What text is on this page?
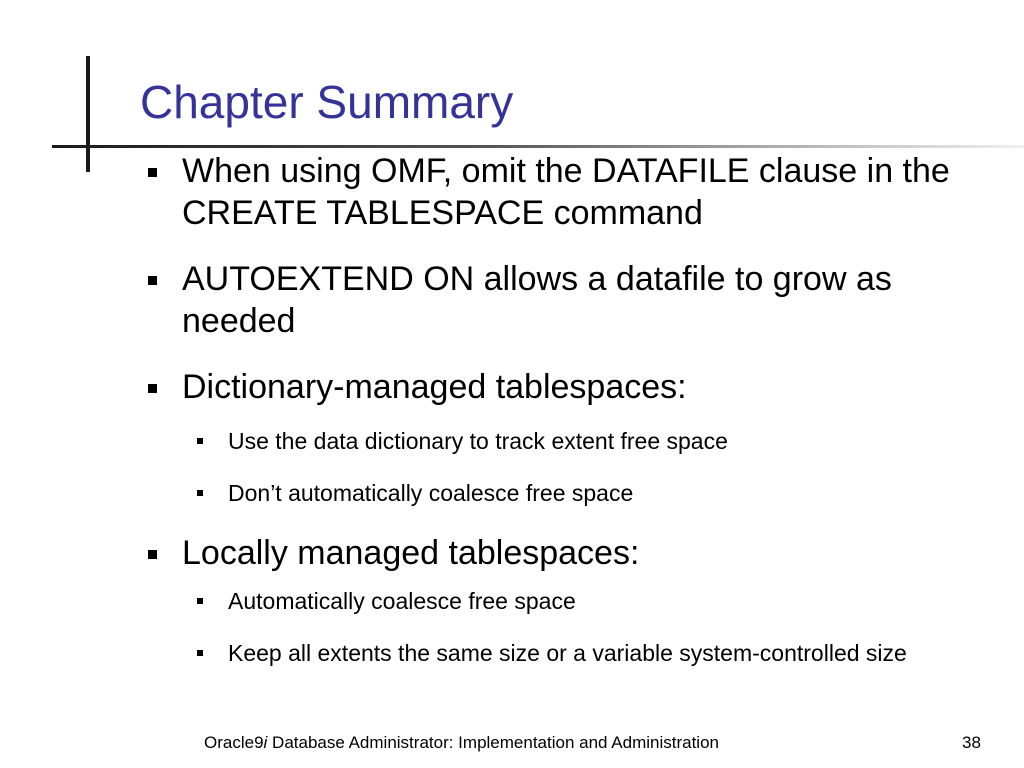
Chapter Summary
When using OMF, omit the DATAFILE clause in the CREATE TABLESPACE command
AUTOEXTEND ON allows a datafile to grow as needed
Dictionary-managed tablespaces:
Use the data dictionary to track extent free space
Don’t automatically coalesce free space
Locally managed tablespaces:
Automatically coalesce free space
Keep all extents the same size or a variable system-controlled size
Oracle9i Database Administrator: Implementation and Administration	38
